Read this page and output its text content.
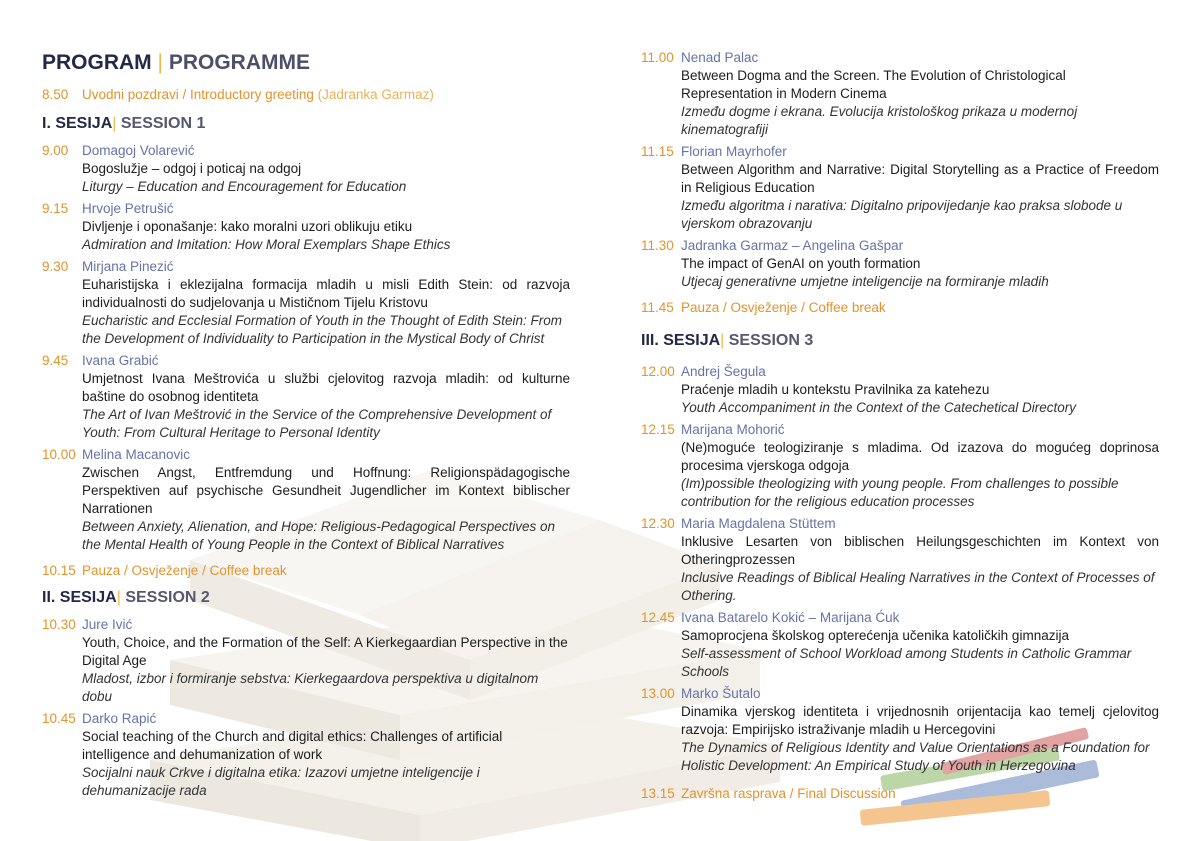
PROGRAM | PROGRAMME
8.50	Uvodni pozdravi / Introductory greeting (Jadranka Garmaz)
I. SESIJA| SESSION 1
9.00	Domagoj Volarević
Bogoslužje – odgoj i poticaj na odgoj
Liturgy – Education and Encouragement for Education
9.15	Hrvoje Petrušić
Divljenje i oponašanje: kako moralni uzori oblikuju etiku
Admiration and Imitation: How Moral Exemplars Shape Ethics
9.30	Mirjana Pinezić
Euharistijska i eklezijalna formacija mladih u misli Edith Stein: od razvoja individualnosti do sudjelovanja u Mističnom Tijelu Kristovu
Eucharistic and Ecclesial Formation of Youth in the Thought of Edith Stein: From the Development of Individuality to Participation in the Mystical Body of Christ
9.45	Ivana Grabić
Umjetnost Ivana Meštrovića u službi cjelovitog razvoja mladih: od kulturne baštine do osobnog identiteta
The Art of Ivan Meštrović in the Service of the Comprehensive Development of Youth: From Cultural Heritage to Personal Identity
10.00 Melina Macanovic
Zwischen Angst, Entfremdung und Hoffnung: Religionspädagogische Perspektiven auf psychische Gesundheit Jugendlicher im Kontext biblischer Narrationen
Between Anxiety, Alienation, and Hope: Religious-Pedagogical Perspectives on the Mental Health of Young People in the Context of Biblical Narratives
10.15 Pauza / Osvježenje / Coffee break
II. SESIJA| SESSION 2
10.30 Jure Ivić
Youth, Choice, and the Formation of the Self: A Kierkegaardian Perspective in the Digital Age
Mladost, izbor i formiranje sebstva: Kierkegaardova perspektiva u digitalnom dobu
10.45 Darko Rapić
Social teaching of the Church and digital ethics: Challenges of artificial intelligence and dehumanization of work
Socijalni nauk Crkve i digitalna etika: Izazovi umjetne inteligencije i dehumanizacije rada
11.00 Nenad Palac
Between Dogma and the Screen. The Evolution of Christological Representation in Modern Cinema
Između dogme i ekrana. Evolucija kristološkog prikaza u modernoj kinematografiji
11.15 Florian Mayrhofer
Between Algorithm and Narrative: Digital Storytelling as a Practice of Freedom in Religious Education
Između algoritma i narativa: Digitalno pripovijedanje kao praksa slobode u vjerskom obrazovanju
11.30 Jadranka Garmaz – Angelina Gašpar
The impact of GenAI on youth formation
Utjecaj generativne umjetne inteligencije na formiranje mladih
11.45 Pauza / Osvježenje / Coffee break
III. SESIJA| SESSION 3
12.00 Andrej Šegula
Praćenje mladih u kontekstu Pravilnika za katehezu
Youth Accompaniment in the Context of the Catechetical Directory
12.15 Marijana Mohorić
(Ne)moguće teologiziranje s mladima. Od izazova do mogućeg doprinosa procesima vjerskoga odgoja
(Im)possible theologizing with young people. From challenges to possible contribution for the religious education processes
12.30 Maria Magdalena Stüttem
Inklusive Lesarten von biblischen Heilungsgeschichten im Kontext von Otheringprozessen
Inclusive Readings of Biblical Healing Narratives in the Context of Processes of Othering.
12.45 Ivana Batarelo Kokić – Marijana Ćuk
Samoprocjena školskog opterećenja učenika katoličkih gimnazija
Self-assessment of School Workload among Students in Catholic Grammar Schools
13.00 Marko Šutalo
Dinamika vjerskog identiteta i vrijednosnih orijentacija kao temelj cjelovitog razvoja: Empirijsko istraživanje mladih u Hercegovini
The Dynamics of Religious Identity and Value Orientations as a Foundation for Holistic Development: An Empirical Study of Youth in Herzegovina
13.15 Završna rasprava / Final Discussion
